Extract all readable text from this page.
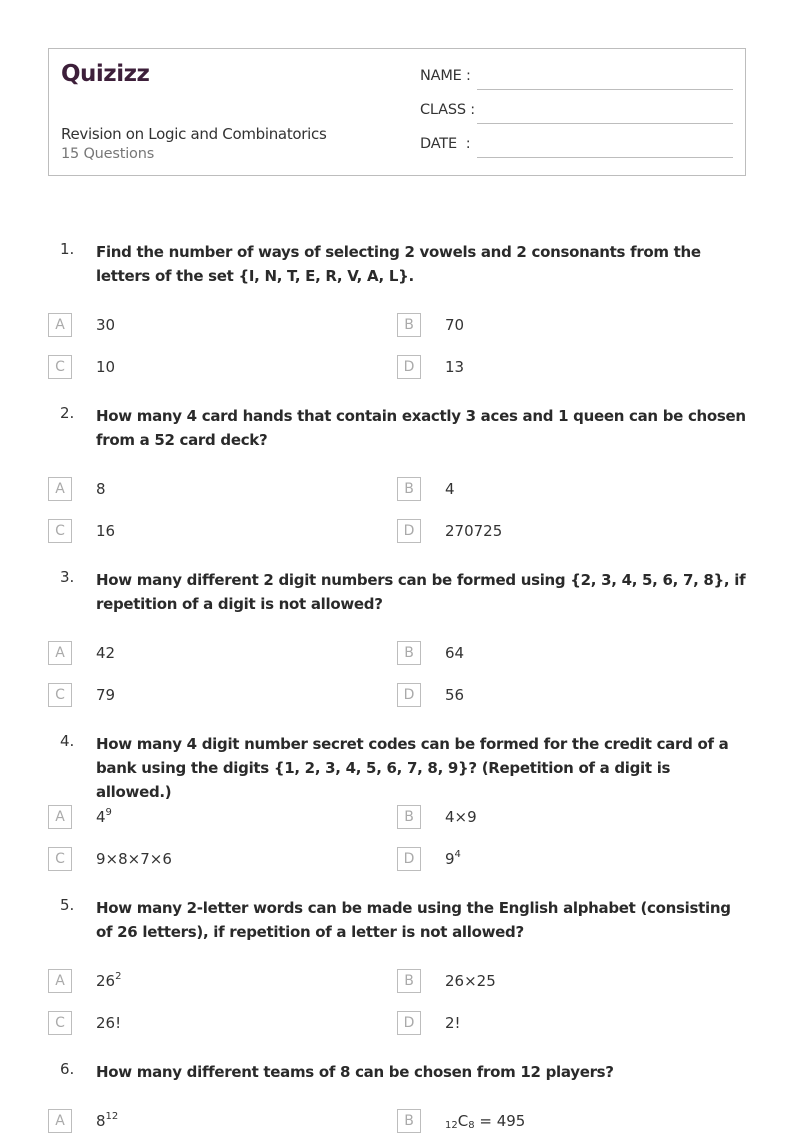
Quizizz
Revision on Logic and Combinatorics
15 Questions
NAME :
CLASS :
DATE  :
1. Find the number of ways of selecting 2 vowels and 2 consonants from the letters of the set {I, N, T, E, R, V, A, L}.
A	30	B	70
C	10	D	13
2. How many 4 card hands that contain exactly 3 aces and 1 queen can be chosen from a 52 card deck?
A	8	B	4
C	16	D	270725
3. How many different 2 digit numbers can be formed using {2, 3, 4, 5, 6, 7, 8}, if repetition of a digit is not allowed?
A	42	B	64
C	79	D	56
4. How many 4 digit number secret codes can be formed for the credit card of a bank using the digits {1, 2, 3, 4, 5, 6, 7, 8, 9}? (Repetition of a digit is allowed.)
A	$4^9$	B	4×9
C	9×8×7×6	D	$9^4$
5. How many 2-letter words can be made using the English alphabet (consisting of 26 letters), if repetition of a letter is not allowed?
A	$26^2$	B	26×25
C	26!	D	2!
6. How many different teams of 8 can be chosen from 12 players?
A	$8^{12}$	B	$_{12}C_8 = 495$
